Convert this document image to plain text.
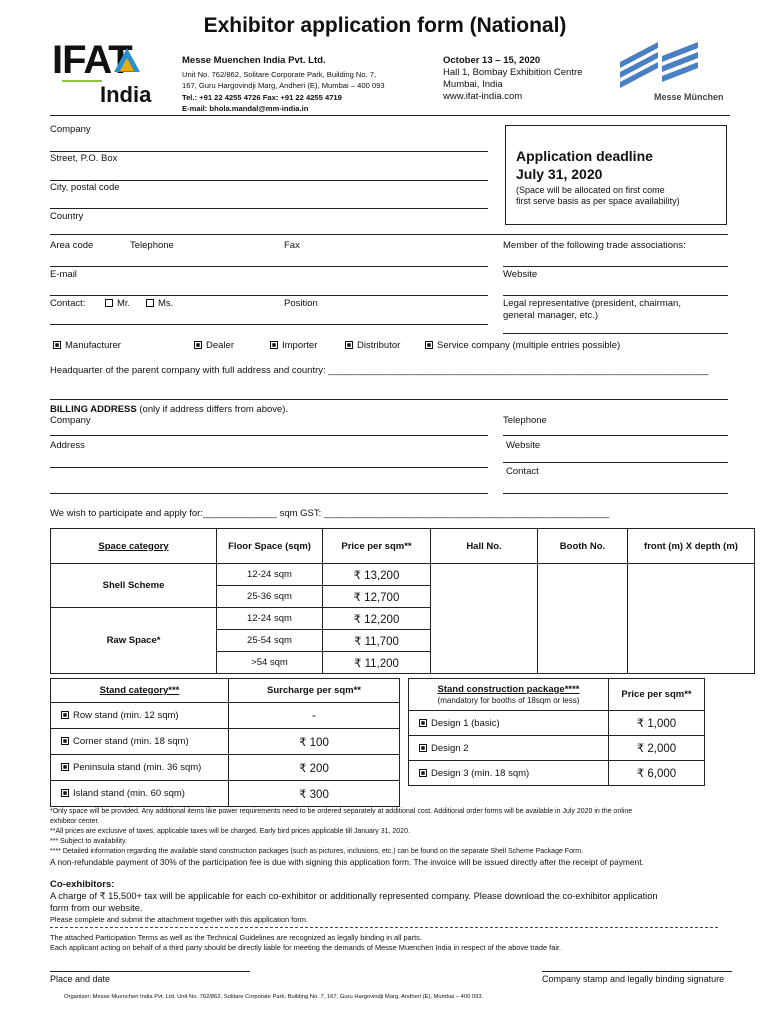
Exhibitor application form (National)
IFAT
India
Messe Muenchen India Pvt. Ltd.
Unit No. 762/862, Solitare Corporate Park, Building No. 7,
167, Guru Hargovindji Marg, Andheri (E), Mumbai – 400 093
Tel.: +91 22 4255 4726 Fax: +91 22 4255 4719
E-mail: bhola.mandal@mm-india.in
October 13 – 15, 2020
Hall 1, Bombay Exhibition Centre
Mumbai, India
www.ifat-india.com	Messe München
Company
Street, P.O. Box
City, postal code
Country
Application deadline
July 31, 2020
(Space will be allocated on first come
first serve basis as per space availability)
Area code	Telephone	Fax	Member of the following trade associations:
E-mail	Website
Contact:	Mr.	Ms.	Position	Legal representative (president, chairman,
general manager, etc.)
Manufacturer	Dealer	Importer	Distributor	Service company (multiple entries possible)
Headquarter of the parent company with full address and country: ________________________________________________________________________
BILLING ADDRESS (only if address differs from above).
Company	Telephone
Address	Website
Contact
We wish to participate and apply for:______________ sqm GST: ______________________________________________________
Space category	Floor Space (sqm)	Price per sqm**	Hall No.	Booth No.	front (m) X depth (m)
Shell Scheme	12-24 sqm	₹ 13,200			
	25-36 sqm	₹ 12,700			
Raw Space*	12-24 sqm	₹ 12,200			
	25-54 sqm	₹ 11,700			
	>54 sqm	₹ 11,200			
Stand category***	Surcharge per sqm**
Row stand (min. 12 sqm)	-
Corner stand (min. 18 sqm)	₹ 100
Peninsula stand (min. 36 sqm)	₹ 200
Island stand (min. 60 sqm)	₹ 300
Stand construction package****
(mandatory for booths of 18sqm or less)	Price per sqm**
Design 1 (basic)	₹ 1,000
Design 2	₹ 2,000
Design 3 (min. 18 sqm)	₹ 6,000
*Only space will be provided. Any additional items like power requirements need to be ordered separately at additional cost. Additional order forms will be available in July 2020 in the online
exhibitor center.
**All prices are exclusive of taxes, applicable taxes will be charged. Early bird prices applicable till January 31, 2020.
*** Subject to availability.
**** Detailed information regarding the available stand construction packages (such as pictures, inclusions, etc.) can be found on the separate Shell Scheme Package Form.
A non-refundable payment of 30% of the participation fee is due with signing this application form. The invoice will be issued directly after the receipt of payment.
Co-exhibitors:
A charge of ₹ 15,500+ tax will be applicable for each co-exhibitor or additionally represented company. Please download the co-exhibitor application
form from our website.
Please complete and submit the attachment together with this application form.
The attached Participation Terms as well as the Technical Guidelines are recognized as legally binding in all parts.
Each applicant acting on behalf of a third party should be directly liable for meeting the demands of Messe Muenchen India in respect of the above trade fair.
Place and date	Company stamp and legally binding signature
Organizer: Messe Muenchen India Pvt. Ltd. Unit No. 762/862, Solitare Corporate Park, Building No. 7, 167, Guru Hargovindji Marg, Andheri (E), Mumbai – 400 093.
